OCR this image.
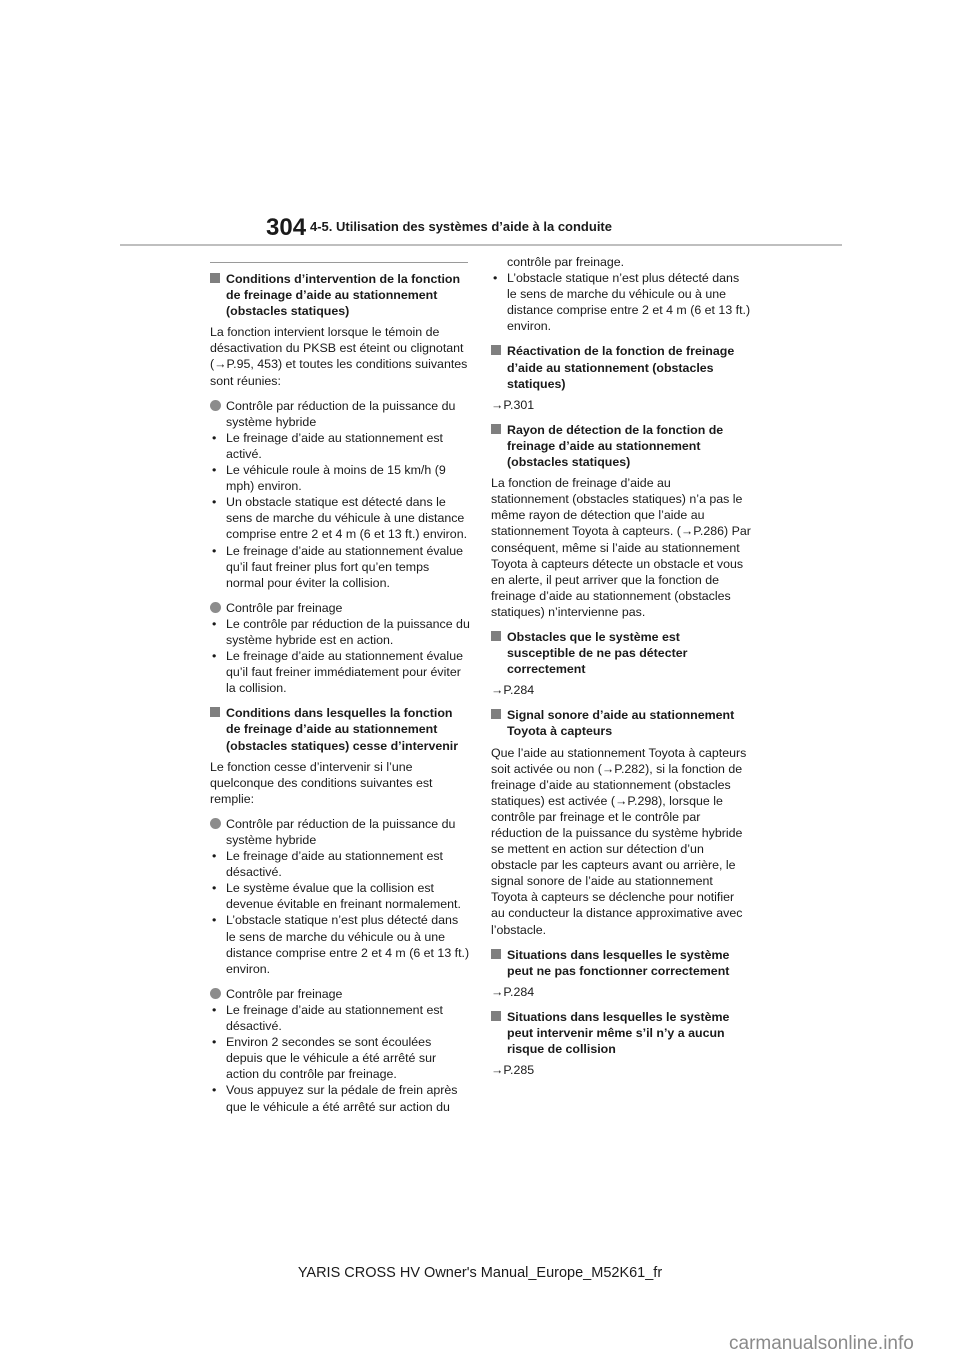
304 4-5. Utilisation des systèmes d’aide à la conduite
Conditions d’intervention de la fonction de freinage d’aide au stationnement (obstacles statiques)

La fonction intervient lorsque le témoin de désactivation du PKSB est éteint ou clignotant (→P.95, 453) et toutes les conditions suivantes sont réunies:

Contrôle par réduction de la puissance du système hybride

• Le freinage d’aide au stationnement est activé.
• Le véhicule roule à moins de 15 km/h (9 mph) environ.
• Un obstacle statique est détecté dans le sens de marche du véhicule à une distance comprise entre 2 et 4 m (6 et 13 ft.) environ.
• Le freinage d’aide au stationnement évalue qu’il faut freiner plus fort qu’en temps normal pour éviter la collision.

Contrôle par freinage

• Le contrôle par réduction de la puissance du système hybride est en action.
• Le freinage d’aide au stationnement évalue qu’il faut freiner immédiatement pour éviter la collision.
Conditions dans lesquelles la fonction de freinage d’aide au stationnement (obstacles statiques) cesse d’intervenir

Le fonction cesse d’intervenir si l’une quelconque des conditions suivantes est remplie:

Contrôle par réduction de la puissance du système hybride

• Le freinage d’aide au stationnement est désactivé.
• Le système évalue que la collision est devenue évitable en freinant normalement.
• L’obstacle statique n’est plus détecté dans le sens de marche du véhicule ou à une distance comprise entre 2 et 4 m (6 et 13 ft.) environ.

Contrôle par freinage

• Le freinage d’aide au stationnement est désactivé.
• Environ 2 secondes se sont écoulées depuis que le véhicule a été arrêté sur action du contrôle par freinage.
• Vous appuyez sur la pédale de frein après que le véhicule a été arrêté sur action du

contrôle par freinage.

• L’obstacle statique n’est plus détecté dans le sens de marche du véhicule ou à une distance comprise entre 2 et 4 m (6 et 13 ft.) environ.
Réactivation de la fonction de freinage d’aide au stationnement (obstacles statiques)

→P.301

Rayon de détection de la fonction de freinage d’aide au stationnement (obstacles statiques)

La fonction de freinage d’aide au stationnement (obstacles statiques) n’a pas le même rayon de détection que l’aide au stationnement Toyota à capteurs. (→P.286) Par conséquent, même si l’aide au stationnement Toyota à capteurs détecte un obstacle et vous en alerte, il peut arriver que la fonction de freinage d’aide au stationnement (obstacles statiques) n’intervienne pas.

Obstacles que le système est susceptible de ne pas détecter correctement

→P.284

Signal sonore d’aide au stationnement Toyota à capteurs

Que l’aide au stationnement Toyota à capteurs soit activée ou non (→P.282), si la fonction de freinage d’aide au stationnement (obstacles statiques) est activée (→P.298), lorsque le contrôle par freinage et le contrôle par réduction de la puissance du système hybride se mettent en action sur détection d’un obstacle par les capteurs avant ou arrière, le signal sonore de l’aide au stationnement Toyota à capteurs se déclenche pour notifier au conducteur la distance approximative avec l’obstacle.

Situations dans lesquelles le système peut ne pas fonctionner correctement

→P.284

Situations dans lesquelles le système peut intervenir même s’il n’y a aucun risque de collision

→P.285

YARIS CROSS HV Owner's Manual_Europe_M52K61_fr
carmanualsonline.info
